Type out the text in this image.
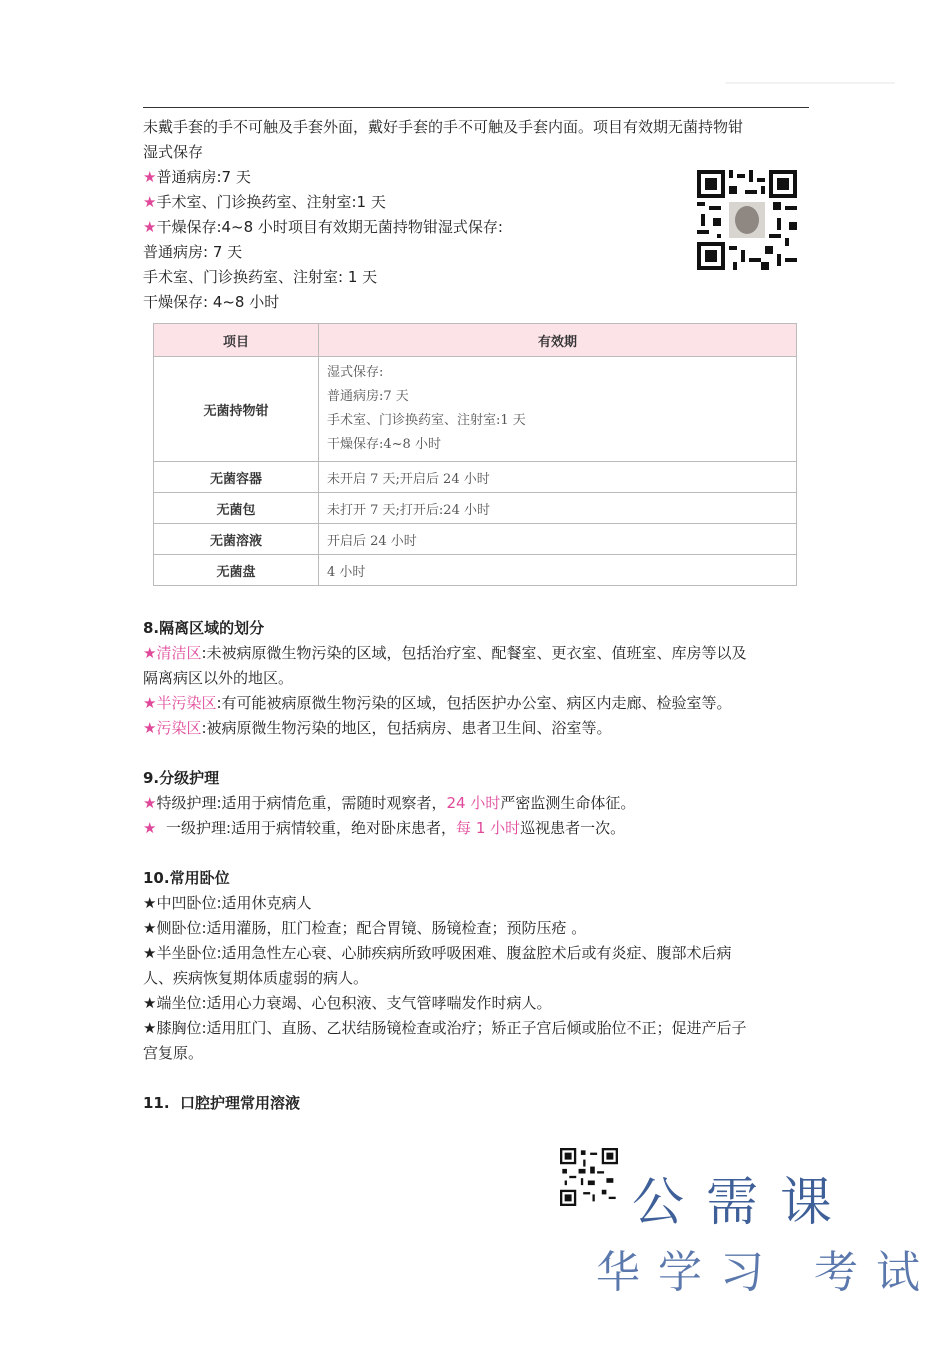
未戴手套的手不可触及手套外面，戴好手套的手不可触及手套内面。项目有效期无菌持物钳

湿式保存

★普通病房:7 天

★手术室、门诊换药室、注射室:1 天

★干燥保存:4~8 小时项目有效期无菌持物钳湿式保存:

普通病房: 7 天

手术室、门诊换药室、注射室: 1 天

干燥保存: 4~8 小时

项目	有效期
无菌持物钳	湿式保存:
普通病房:7 天
手术室、门诊换药室、注射室:1 天
干燥保存:4~8 小时

无菌容器	未开启 7 天;开启后 24 小时
无菌包	未打开 7 天;打开后:24 小时
无菌溶液	开启后 24 小时
无菌盘	4 小时

8.隔离区域的划分

★清洁区:未被病原微生物污染的区域，包括治疗室、配餐室、更衣室、值班室、库房等以及

隔离病区以外的地区。

★半污染区:有可能被病原微生物污染的区域，包括医护办公室、病区内走廊、检验室等。

★污染区:被病原微生物污染的地区，包括病房、患者卫生间、浴室等。

9.分级护理

★特级护理:适用于病情危重，需随时观察者，24 小时严密监测生命体征。

★  一级护理:适用于病情较重，绝对卧床患者，每 1 小时巡视患者一次。

10.常用卧位

★中凹卧位:适用休克病人

★侧卧位:适用灌肠，肛门检查；配合胃镜、肠镜检查；预防压疮 。

★半坐卧位:适用急性左心衰、心肺疾病所致呼吸困难、腹盆腔术后或有炎症、腹部术后病

人、疾病恢复期体质虚弱的病人。

★端坐位:适用心力衰竭、心包积液、支气管哮喘发作时病人。

★膝胸位:适用肛门、直肠、乙状结肠镜检查或治疗；矫正子宫后倾或胎位不正；促进产后子

宫复原。

11.  口腔护理常用溶液

公需课
华学习 考试
